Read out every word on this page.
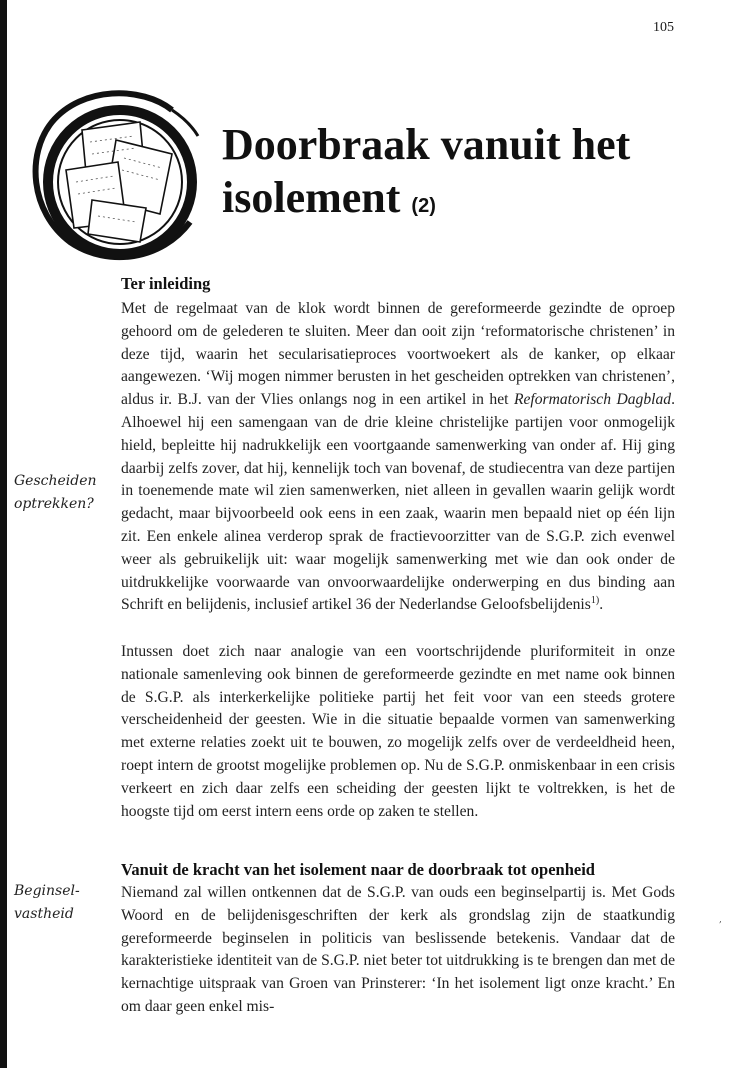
105
Doorbraak vanuit het isolement (2)
Ter inleiding
Met de regelmaat van de klok wordt binnen de gereformeerde gezindte de oproep gehoord om de gelederen te sluiten. Meer dan ooit zijn ‘reformatorische christenen’ in deze tijd, waarin het secularisatieproces voortwoekert als de kanker, op elkaar aangewezen. ‘Wij mogen nimmer berusten in het gescheiden optrekken van christenen’, aldus ir. B.J. van der Vlies onlangs nog in een artikel in het Reformatorisch Dagblad. Alhoewel hij een samengaan van de drie kleine christelijke partijen voor onmogelijk hield, bepleitte hij nadrukkelijk een voortgaande samenwerking van onder af. Hij ging daarbij zelfs zover, dat hij, kennelijk toch van bovenaf, de studiecentra van deze partijen in toenemende mate wil zien samenwerken, niet alleen in gevallen waarin gelijk wordt gedacht, maar bijvoorbeeld ook eens in een zaak, waarin men bepaald niet op één lijn zit. Een enkele alinea verderop sprak de fractievoorzitter van de S.G.P. zich evenwel weer als gebruikelijk uit: waar mogelijk samenwerking met wie dan ook onder de uitdrukkelijke voorwaarde van onvoorwaardelijke onderwerping en dus binding aan Schrift en belijdenis, inclusief artikel 36 der Nederlandse Geloofsbelijdenis$^{1)}$.
Intussen doet zich naar analogie van een voortschrijdende pluriformiteit in onze nationale samenleving ook binnen de gereformeerde gezindte en met name ook binnen de S.G.P. als interkerkelijke politieke partij het feit voor van een steeds grotere verscheidenheid der geesten. Wie in die situatie bepaalde vormen van samenwerking met externe relaties zoekt uit te bouwen, zo mogelijk zelfs over de verdeeldheid heen, roept intern de grootst mogelijke problemen op. Nu de S.G.P. onmiskenbaar in een crisis verkeert en zich daar zelfs een scheiding der geesten lijkt te voltrekken, is het de hoogste tijd om eerst intern eens orde op zaken te stellen.
Gescheiden optrekken?
Vanuit de kracht van het isolement naar de doorbraak tot openheid
Niemand zal willen ontkennen dat de S.G.P. van ouds een beginselpartij is. Met Gods Woord en de belijdenisgeschriften der kerk als grondslag zijn de staatkundig gereformeerde beginselen in politicis van beslissende betekenis. Vandaar dat de karakteristieke identiteit van de S.G.P. niet beter tot uitdrukking is te brengen dan met de kernachtige uitspraak van Groen van Prinsterer: ‘In het isolement ligt onze kracht.’ En om daar geen enkel mis-
Beginsel-vastheid	,
